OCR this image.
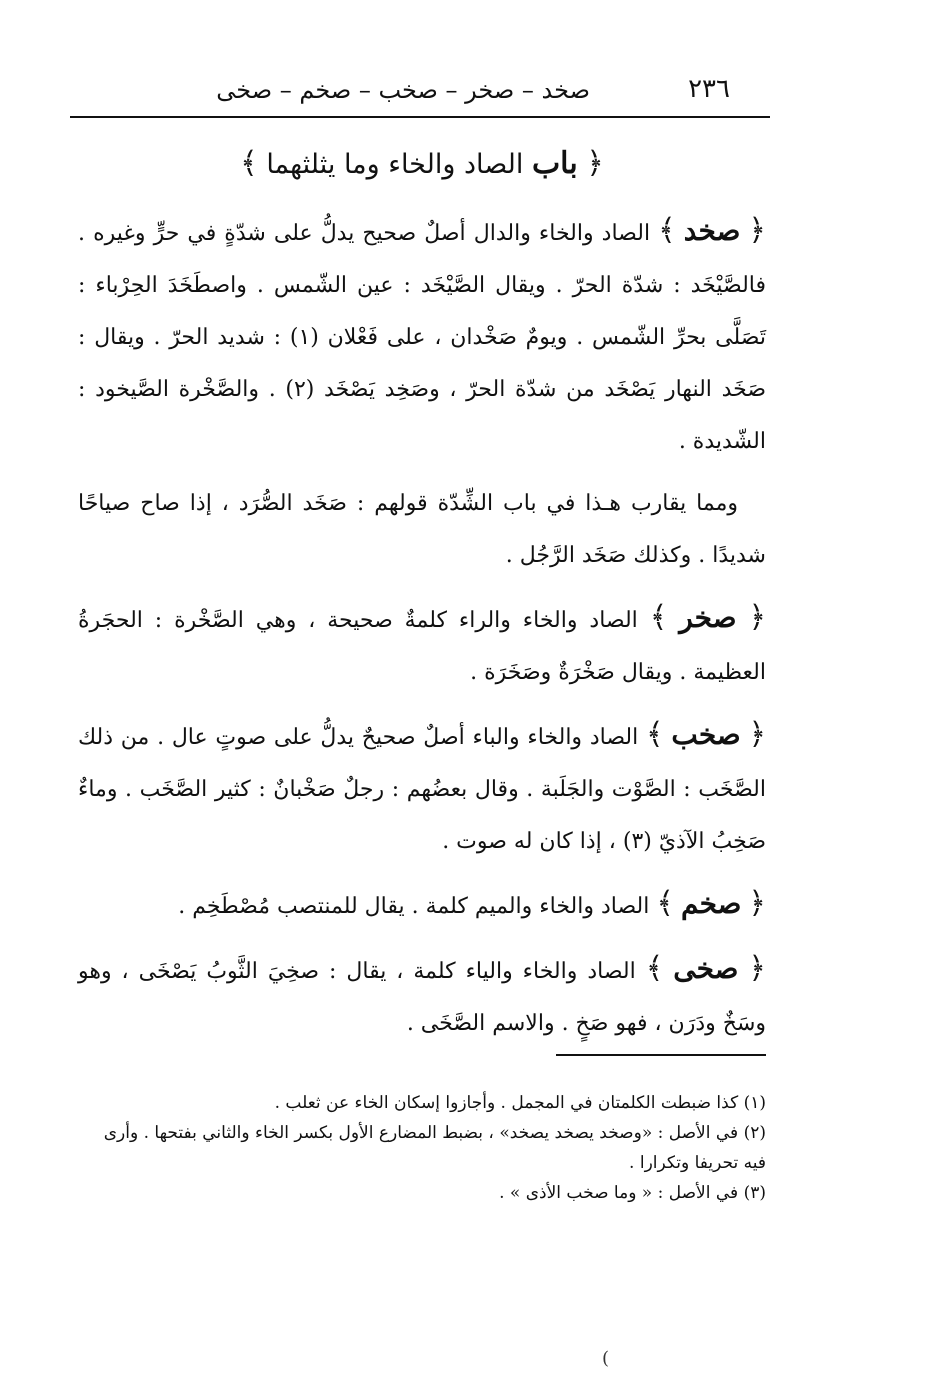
٢٣٦
صخد – صخر – صخب – صخم – صخى
﴿ باب الصاد والخاء وما يثلثهما ﴾

﴿ صخد ﴾ الصاد والخاء والدال أصلٌ صحيح يدلُّ على شدّةٍ في حرٍّ وغيره . فالصَّيْخَد : شدّة الحرّ . ويقال الصَّيْخَد : عين الشّمس . واصطَخَدَ الحِرْباء : تَصَلَّى بحرِّ الشّمس . ويومٌ صَخْدان ، على فَعْلان (١) : شديد الحرّ . ويقال : صَخَد النهار يَصْخَد من شدّة الحرّ ، وصَخِد يَصْخَد (٢) . والصَّخْرة الصَّيخود : الشّديدة .

ومما يقارب هـذا في باب الشِّدّة قولهم : صَخَد الصُّرَد ، إذا صاح صياحًا شديدًا . وكذلك صَخَد الرَّجُل .

﴿ صخر ﴾ الصاد والخاء والراء كلمةٌ صحيحة ، وهي الصَّخْرة : الحجَرةُ العظيمة . ويقال صَخْرَةٌ وصَخَرَة .

﴿ صخب ﴾ الصاد والخاء والباء أصلٌ صحيحٌ يدلُّ على صوتٍ عال . من ذلك الصَّخَب : الصَّوْت والجَلَبة . وقال بعضُهم : رجلٌ صَخْبانٌ : كثير الصَّخَب . وماءٌ صَخِبُ الآذيّ (٣) ، إذا كان له صوت .

﴿ صخم ﴾ الصاد والخاء والميم كلمة . يقال للمنتصب مُصْطَخِم .

﴿ صخى ﴾ الصاد والخاء والياء كلمة ، يقال : صخِيَ الثَّوبُ يَصْخَى ، وهو وسَخٌ ودَرَن ، فهو صَخٍ . والاسم الصَّخَى .

(١) كذا ضبطت الكلمتان في المجمل . وأجازوا إسكان الخاء عن ثعلب .

(٢) في الأصل : «وصخد يصخد يصخد» ، بضبط المضارع الأول بكسر الخاء والثاني بفتحها . وأرى فيه تحريفا وتكرارا .

(٣) في الأصل : « وما صخب الأذى » .

(
